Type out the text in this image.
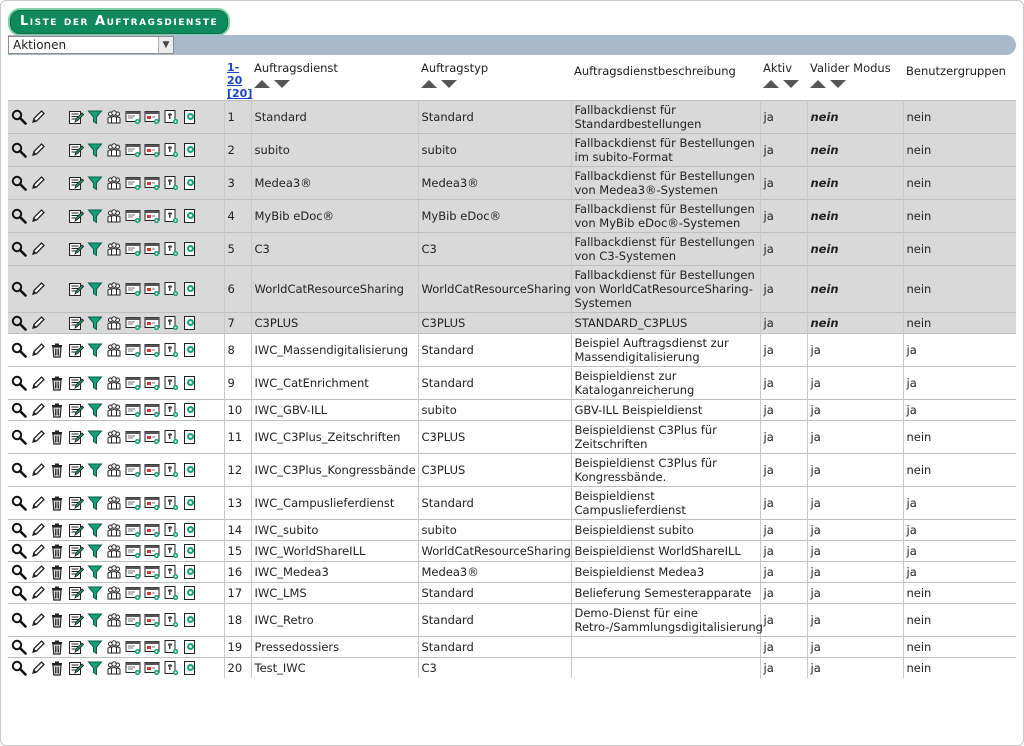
Liste der Auftragsdienste
Aktionen	▼

	1-20
[20]	Auftragsdienst	Auftragstyp	Auftragsdienstbeschreibung	Aktiv	Valider Modus	Benutzergruppen

	1	Standard	Standard	Fallbackdienst für Standardbestellungen	ja	nein	nein

	2	subito	subito	Fallbackdienst für Bestellungen im subito-Format	ja	nein	nein

	3	Medea3®	Medea3®	Fallbackdienst für Bestellungen von Medea3®-Systemen	ja	nein	nein

	4	MyBib eDoc®	MyBib eDoc®	Fallbackdienst für Bestellungen von MyBib eDoc®-Systemen	ja	nein	nein

	5	C3	C3	Fallbackdienst für Bestellungen von C3-Systemen	ja	nein	nein

	6	WorldCatResourceSharing	WorldCatResourceSharing	Fallbackdienst für Bestellungen von WorldCatResourceSharing-Systemen	ja	nein	nein

	7	C3PLUS	C3PLUS	STANDARD_C3PLUS	ja	nein	nein

	8	IWC_Massendigitalisierung	Standard	Beispiel Auftragsdienst zur Massendigitalisierung	ja	ja	ja

	9	IWC_CatEnrichment	Standard	Beispieldienst zur Kataloganreicherung	ja	ja	ja

	10	IWC_GBV-ILL	subito	GBV-ILL Beispieldienst	ja	ja	ja

	11	IWC_C3Plus_Zeitschriften	C3PLUS	Beispieldienst C3Plus für Zeitschriften	ja	ja	nein

	12	IWC_C3Plus_Kongressbände	C3PLUS	Beispieldienst C3Plus für Kongressbände.	ja	ja	nein

	13	IWC_Campuslieferdienst	Standard	Beispieldienst Campuslieferdienst	ja	ja	ja

	14	IWC_subito	subito	Beispieldienst subito	ja	ja	ja

	15	IWC_WorldShareILL	WorldCatResourceSharing	Beispieldienst WorldShareILL	ja	ja	ja

	16	IWC_Medea3	Medea3®	Beispieldienst Medea3	ja	ja	ja

	17	IWC_LMS	Standard	Belieferung Semesterapparate	ja	ja	nein

	18	IWC_Retro	Standard	Demo-Dienst für eine Retro-/Sammlungsdigitalisierung	ja	ja	nein

	19	Pressedossiers	Standard		ja	ja	nein

	20	Test_IWC	C3		ja	ja	nein
